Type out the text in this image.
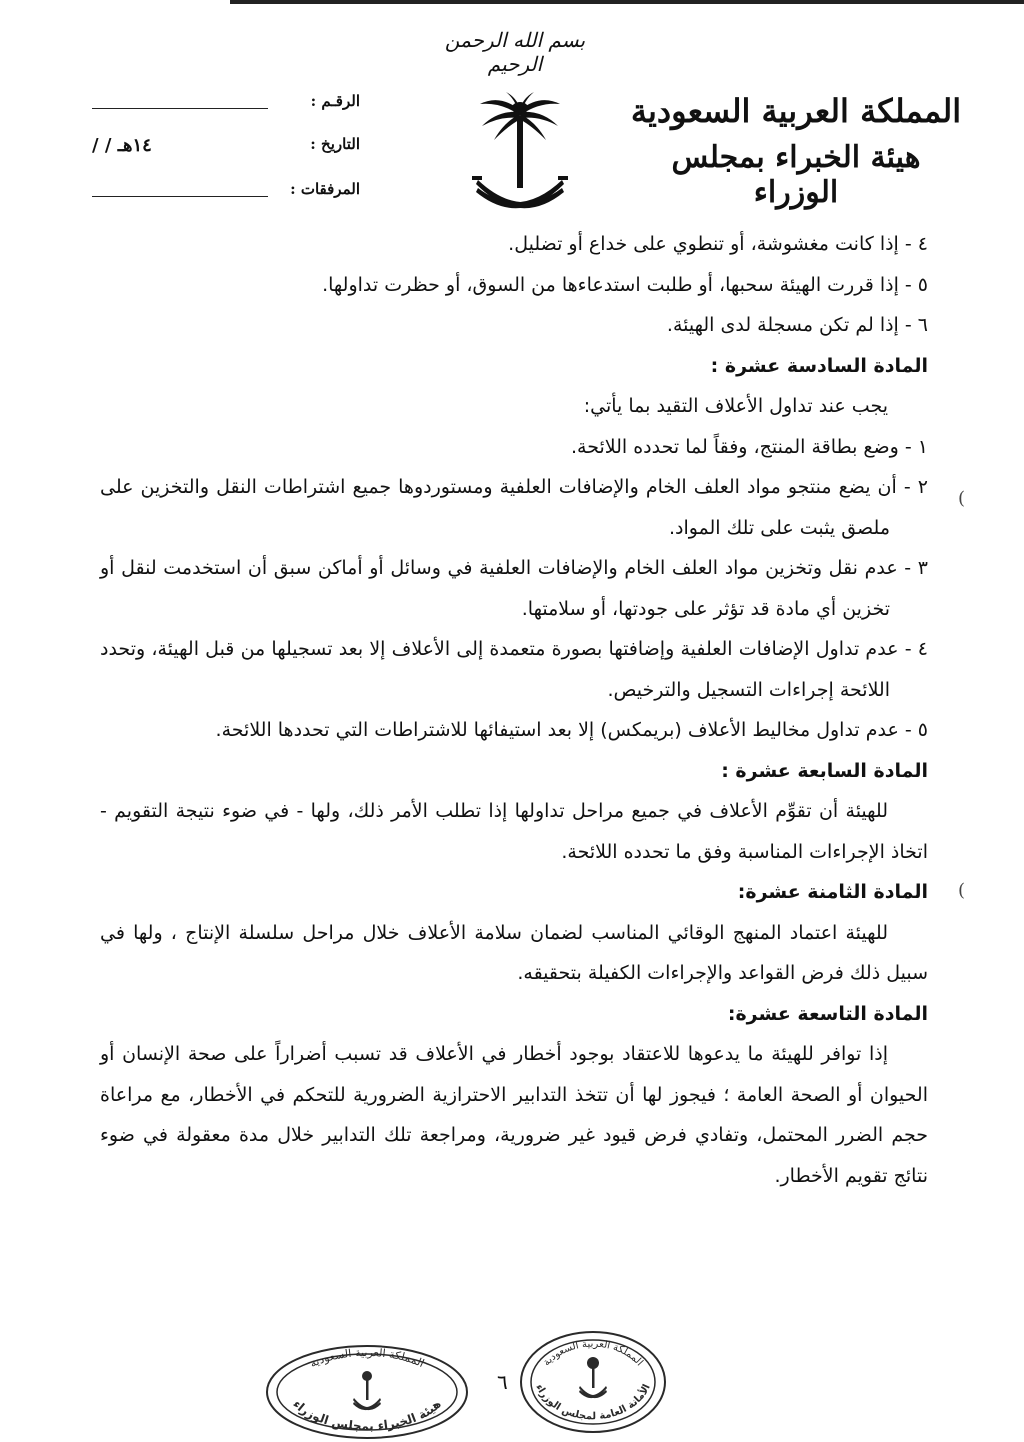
بسم الله الرحمن الرحيم
المملكة العربية السعودية
هيئة الخبراء بمجلس الوزراء
الرقـم :
التاريخ :
/ / ١٤هـ
المرفقات :

٤ - إذا كانت مغشوشة، أو تنطوي على خداع أو تضليل.

٥ - إذا قررت الهيئة سحبها، أو طلبت استدعاءها من السوق، أو حظرت تداولها.

٦ - إذا لم تكن مسجلة لدى الهيئة.

المادة السادسة عشرة :

يجب عند تداول الأعلاف التقيد بما يأتي:

١ - وضع بطاقة المنتج، وفقاً لما تحدده اللائحة.

٢ - أن يضع منتجو مواد العلف الخام والإضافات العلفية ومستوردوها جميع اشتراطات النقل والتخزين على ملصق يثبت على تلك المواد.

٣ - عدم نقل وتخزين مواد العلف الخام والإضافات العلفية في وسائل أو أماكن سبق أن استخدمت لنقل أو تخزين أي مادة قد تؤثر على جودتها، أو سلامتها.

٤ - عدم تداول الإضافات العلفية وإضافتها بصورة متعمدة إلى الأعلاف إلا بعد تسجيلها من قبل الهيئة، وتحدد اللائحة إجراءات التسجيل والترخيص.

٥ - عدم تداول مخاليط الأعلاف (بريمكس) إلا بعد استيفائها للاشتراطات التي تحددها اللائحة.

المادة السابعة عشرة :

للهيئة أن تقوِّم الأعلاف في جميع مراحل تداولها إذا تطلب الأمر ذلك، ولها - في ضوء نتيجة التقويم - اتخاذ الإجراءات المناسبة وفق ما تحدده اللائحة.

المادة الثامنة عشرة:

للهيئة اعتماد المنهج الوقائي المناسب لضمان سلامة الأعلاف خلال مراحل سلسلة الإنتاج ، ولها في سبيل ذلك فرض القواعد والإجراءات الكفيلة بتحقيقه.

المادة التاسعة عشرة:

إذا توافر للهيئة ما يدعوها للاعتقاد بوجود أخطار في الأعلاف قد تسبب أضراراً على صحة الإنسان أو الحيوان أو الصحة العامة ؛ فيجوز لها أن تتخذ التدابير الاحترازية الضرورية للتحكم في الأخطار، مع مراعاة حجم الضرر المحتمل، وتفادي فرض قيود غير ضرورية، ومراجعة تلك التدابير خلال مدة معقولة في ضوء نتائج تقويم الأخطار.

(
(
٦
المملكة العربية السعودية
هيئة الخبراء بمجلس الوزراء
المملكة العربية السعودية
الأمانة العامة لمجلس الوزراء
